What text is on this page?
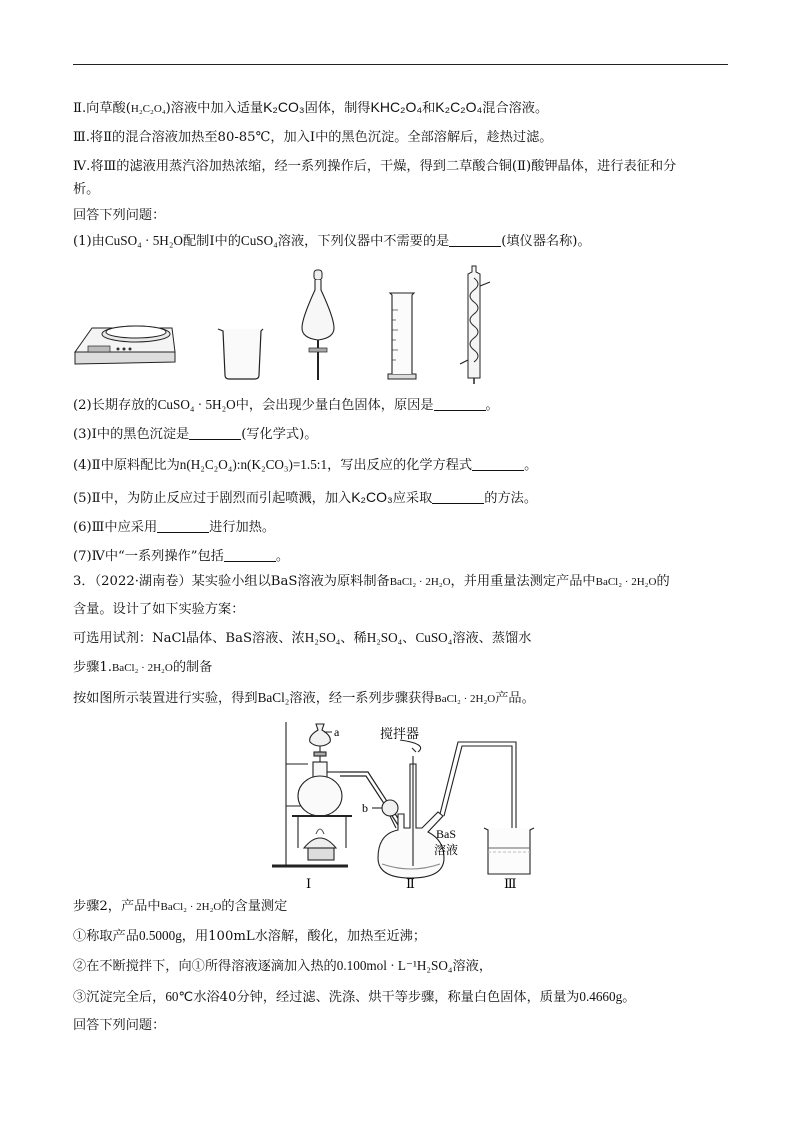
Ⅱ.向草酸(H₂C₂O₄)溶液中加入适量K₂CO₃固体，制得KHC₂O₄和K₂C₂O₄混合溶液。
Ⅲ.将Ⅱ的混合溶液加热至80-85℃，加入Ⅰ中的黑色沉淀。全部溶解后，趁热过滤。
Ⅳ.将Ⅲ的滤液用蒸汽浴加热浓缩，经一系列操作后，干燥，得到二草酸合铜(Ⅱ)酸钾晶体，进行表征和分
析。
回答下列问题：
(1)由CuSO₄ · 5H₂O配制Ⅰ中的CuSO₄溶液，下列仪器中不需要的是	(填仪器名称)。
(2)长期存放的CuSO₄ · 5H₂O中，会出现少量白色固体，原因是	。
(3)Ⅰ中的黑色沉淀是	(写化学式)。
(4)Ⅱ中原料配比为n(H₂C₂O₄):n(K₂CO₃)=1.5:1，写出反应的化学方程式	。
(5)Ⅱ中，为防止反应过于剧烈而引起喷溅，加入K₂CO₃应采取	的方法。
(6)Ⅲ中应采用	进行加热。
(7)Ⅳ中“一系列操作”包括	。
3．（2022·湖南卷）某实验小组以BaS溶液为原料制备BaCl₂ · 2H₂O，并用重量法测定产品中BaCl₂ · 2H₂O的
含量。设计了如下实验方案：
可选用试剂：NaCl晶体、BaS溶液、浓H₂SO₄、稀H₂SO₄、CuSO₄溶液、蒸馏水
步骤1.BaCl₂ · 2H₂O的制备
按如图所示装置进行实验，得到BaCl₂溶液，经一系列步骤获得BaCl₂ · 2H₂O产品。
a	搅拌器
b
BaS
溶液
Ⅰ	Ⅱ	Ⅲ
步骤2，产品中BaCl₂ · 2H₂O的含量测定
①称取产品0.5000g，用100mL水溶解，酸化，加热至近沸；
②在不断搅拌下，向①所得溶液逐滴加入热的0.100mol · L⁻¹H₂SO₄溶液，
③沉淀完全后，60℃水浴40分钟，经过滤、洗涤、烘干等步骤，称量白色固体，质量为0.4660g。
回答下列问题：
